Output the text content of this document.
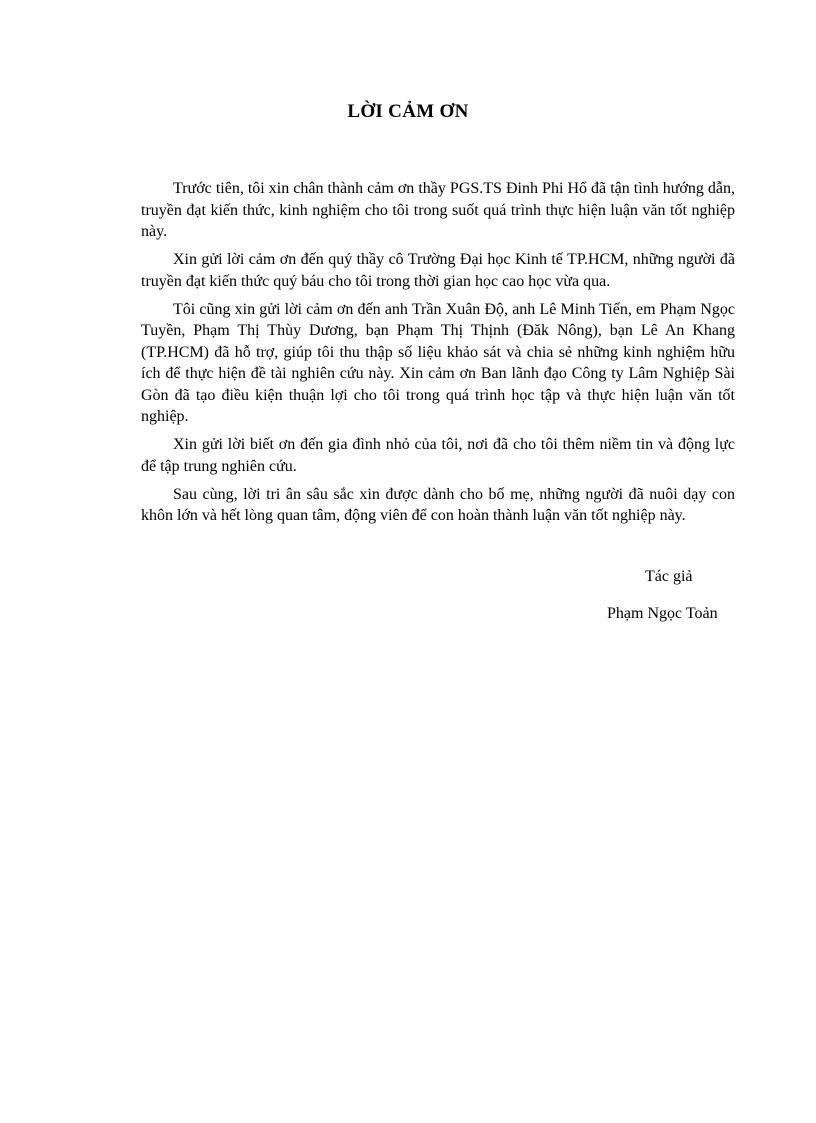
LỜI CẢM ƠN

Trước tiên, tôi xin chân thành cảm ơn thầy PGS.TS Đinh Phi Hổ đã tận tình hướng dẫn, truyền đạt kiến thức, kinh nghiệm cho tôi trong suốt quá trình thực hiện luận văn tốt nghiệp này.

Xin gửi lời cảm ơn đến quý thầy cô Trường Đại học Kinh tế TP.HCM, những người đã truyền đạt kiến thức quý báu cho tôi trong thời gian học cao học vừa qua.

Tôi cũng xin gửi lời cảm ơn đến anh Trần Xuân Độ, anh Lê Minh Tiến, em Phạm Ngọc Tuyền, Phạm Thị Thùy Dương, bạn Phạm Thị Thịnh (Đăk Nông), bạn Lê An Khang (TP.HCM) đã hỗ trợ, giúp tôi thu thập số liệu khảo sát và chia sẻ những kinh nghiệm hữu ích để thực hiện đề tài nghiên cứu này. Xin cảm ơn Ban lãnh đạo Công ty Lâm Nghiệp Sài Gòn đã tạo điều kiện thuận lợi cho tôi trong quá trình học tập và thực hiện luận văn tốt nghiệp.

Xin gửi lời biết ơn đến gia đình nhỏ của tôi, nơi đã cho tôi thêm niềm tin và động lực để tập trung nghiên cứu.

Sau cùng, lời tri ân sâu sắc xin được dành cho bố mẹ, những người đã nuôi dạy con khôn lớn và hết lòng quan tâm, động viên để con hoàn thành luận văn tốt nghiệp này.

Tác giả
Phạm Ngọc Toản
